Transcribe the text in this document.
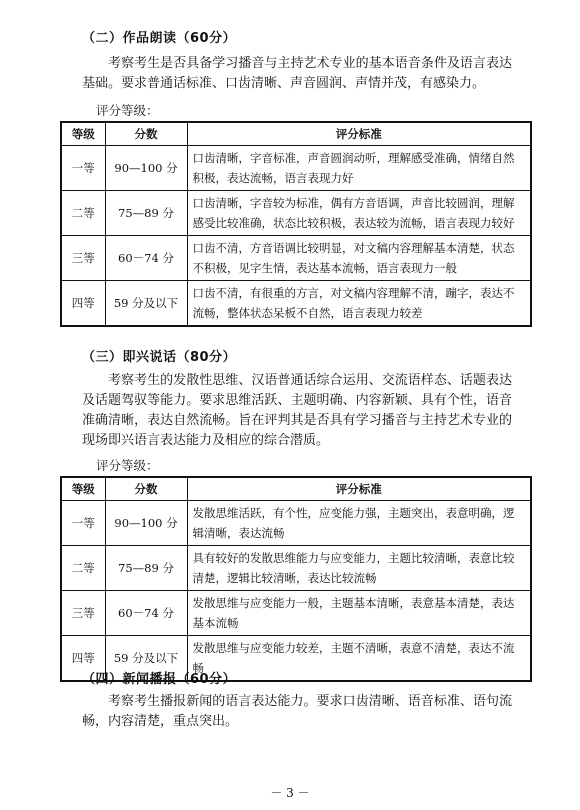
（二）作品朗读（60分）
考察考生是否具备学习播音与主持艺术专业的基本语音条件及语言表达基础。要求普通话标准、口齿清晰、声音圆润、声情并茂，有感染力。
评分等级：
等级	分数	评分标准
一等	90—100 分	口齿清晰，字音标准，声音圆润动听，理解感受准确，情绪自然积极，表达流畅，语言表现力好
二等	75—89 分	口齿清晰，字音较为标准，偶有方音语调，声音比较圆润，理解感受比较准确，状态比较积极，表达较为流畅，语言表现力较好
三等	60－74 分	口齿不清，方音语调比较明显，对文稿内容理解基本清楚，状态不积极，见字生情，表达基本流畅，语言表现力一般
四等	59 分及以下	口齿不清，有很重的方言，对文稿内容理解不清，蹦字，表达不流畅，整体状态呆板不自然，语言表现力较差
（三）即兴说话（80分）
考察考生的发散性思维、汉语普通话综合运用、交流语样态、话题表达及话题驾驭等能力。要求思维活跃、主题明确、内容新颖、具有个性，语音准确清晰，表达自然流畅。旨在评判其是否具有学习播音与主持艺术专业的现场即兴语言表达能力及相应的综合潜质。
评分等级：
等级	分数	评分标准
一等	90—100 分	发散思维活跃，有个性，应变能力强，主题突出，表意明确，逻辑清晰，表达流畅
二等	75—89 分	具有较好的发散思维能力与应变能力，主题比较清晰，表意比较清楚，逻辑比较清晰，表达比较流畅
三等	60－74 分	发散思维与应变能力一般，主题基本清晰，表意基本清楚，表达基本流畅
四等	59 分及以下	发散思维与应变能力较差，主题不清晰，表意不清楚，表达不流畅
（四）新闻播报（60分）
考察考生播报新闻的语言表达能力。要求口齿清晰、语音标准、语句流畅，内容清楚，重点突出。
－ 3 －
